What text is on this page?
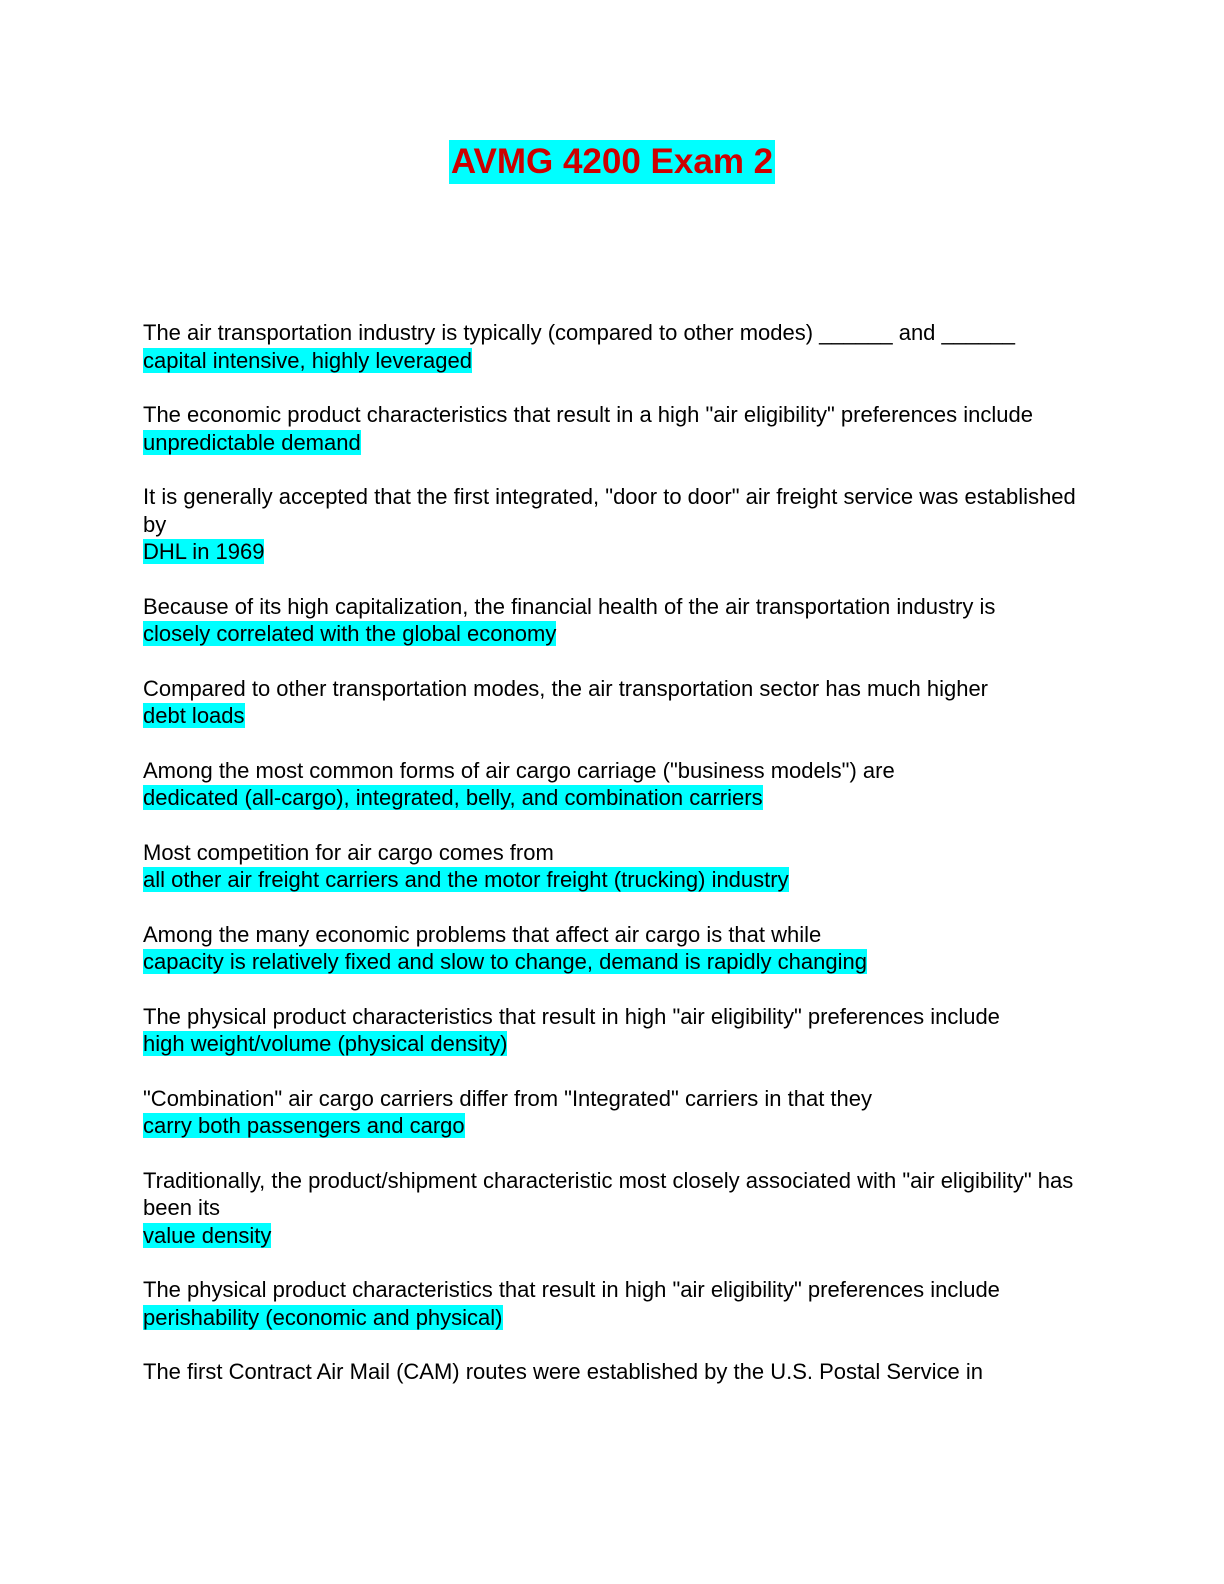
AVMG 4200 Exam 2
The air transportation industry is typically (compared to other modes) ______ and ______
capital intensive, highly leveraged
The economic product characteristics that result in a high "air eligibility" preferences include
unpredictable demand
It is generally accepted that the first integrated, "door to door" air freight service was established by
DHL in 1969
Because of its high capitalization, the financial health of the air transportation industry is
closely correlated with the global economy
Compared to other transportation modes, the air transportation sector has much higher
debt loads
Among the most common forms of air cargo carriage ("business models") are
dedicated (all-cargo), integrated, belly, and combination carriers
Most competition for air cargo comes from
all other air freight carriers and the motor freight (trucking) industry
Among the many economic problems that affect air cargo is that while
capacity is relatively fixed and slow to change, demand is rapidly changing
The physical product characteristics that result in high "air eligibility" preferences include
high weight/volume (physical density)
"Combination" air cargo carriers differ from "Integrated" carriers in that they
carry both passengers and cargo
Traditionally, the product/shipment characteristic most closely associated with "air eligibility" has been its
value density
The physical product characteristics that result in high "air eligibility" preferences include
perishability (economic and physical)
The first Contract Air Mail (CAM) routes were established by the U.S. Postal Service in
